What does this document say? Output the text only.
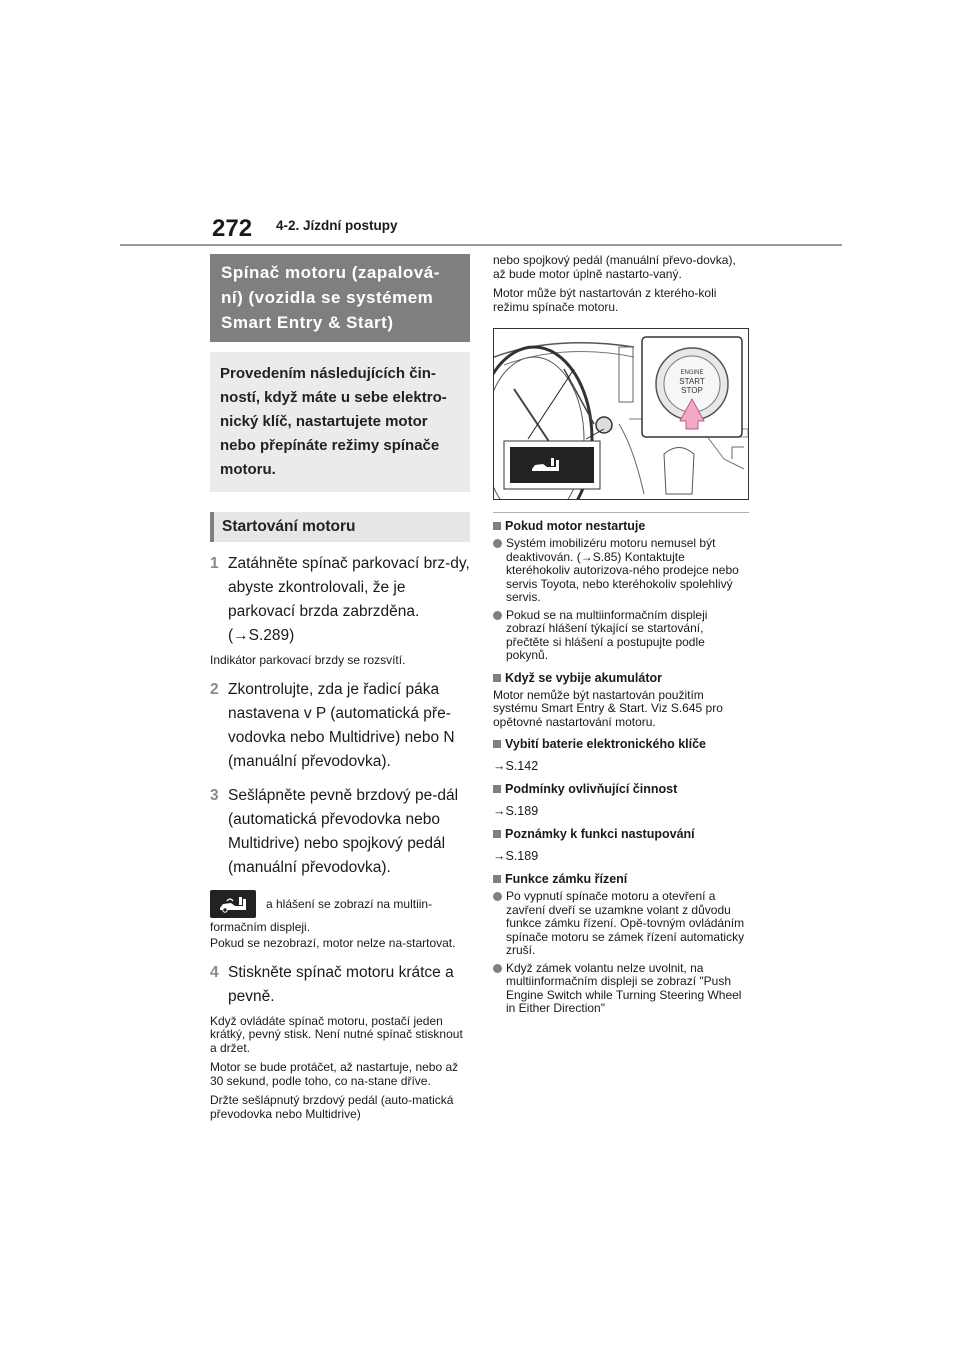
272 4-2. Jízdní postupy
Spínač motoru (zapalová-ní) (vozidla se systémem Smart Entry & Start)
Provedením následujících čin-ností, když máte u sebe elektro-nický klíč, nastartujete motor nebo přepínáte režimy spínače motoru.
Startování motoru
1 Zatáhněte spínač parkovací brz-dy, abyste zkontrolovali, že je parkovací brzda zabrzděna. (→S.289)
Indikátor parkovací brzdy se rozsvítí.
2 Zkontrolujte, zda je řadicí páka nastavena v P (automatická pře-vodovka nebo Multidrive) nebo N (manuální převodovka).
3 Sešlápněte pevně brzdový pe-dál (automatická převodovka nebo Multidrive) nebo spojkový pedál (manuální převodovka).
a hlášení se zobrazí na multiin-
formačním displeji.
Pokud se nezobrazí, motor nelze na-startovat.
4 Stiskněte spínač motoru krátce a pevně.
Když ovládáte spínač motoru, postačí jeden krátký, pevný stisk. Není nutné spínač stisknout a držet.
Motor se bude protáčet, až nastartuje, nebo až 30 sekund, podle toho, co na-stane dříve.
Držte sešlápnutý brzdový pedál (auto-matická převodovka nebo Multidrive)
nebo spojkový pedál (manuální převo-dovka), až bude motor úplně nastarto-vaný.
Motor může být nastartován z kterého-koli režimu spínače motoru.
ENGINE
START
STOP
Pokud motor nestartuje
Systém imobilizéru motoru nemusel být deaktivován. (→S.85) Kontaktujte kteréhokoliv autorizova-ného prodejce nebo servis Toyota, nebo kteréhokoliv spolehlivý servis.
Pokud se na multiinformačním displeji zobrazí hlášení týkající se startování, přečtěte si hlášení a postupujte podle pokynů.
Když se vybije akumulátor
Motor nemůže být nastartován použitím systému Smart Entry & Start. Viz S.645 pro opětovné nastartování motoru.
Vybití baterie elektronického klíče
→S.142
Podmínky ovlivňující činnost
→S.189
Poznámky k funkci nastupování
→S.189
Funkce zámku řízení
Po vypnutí spínače motoru a otevření a zavření dveří se uzamkne volant z důvodu funkce zámku řízení. Opě-tovným ovládáním spínače motoru se zámek řízení automaticky zruší.
Když zámek volantu nelze uvolnit, na multiinformačním displeji se zobrazí "Push Engine Switch while Turning Steering Wheel in Either Direction"
